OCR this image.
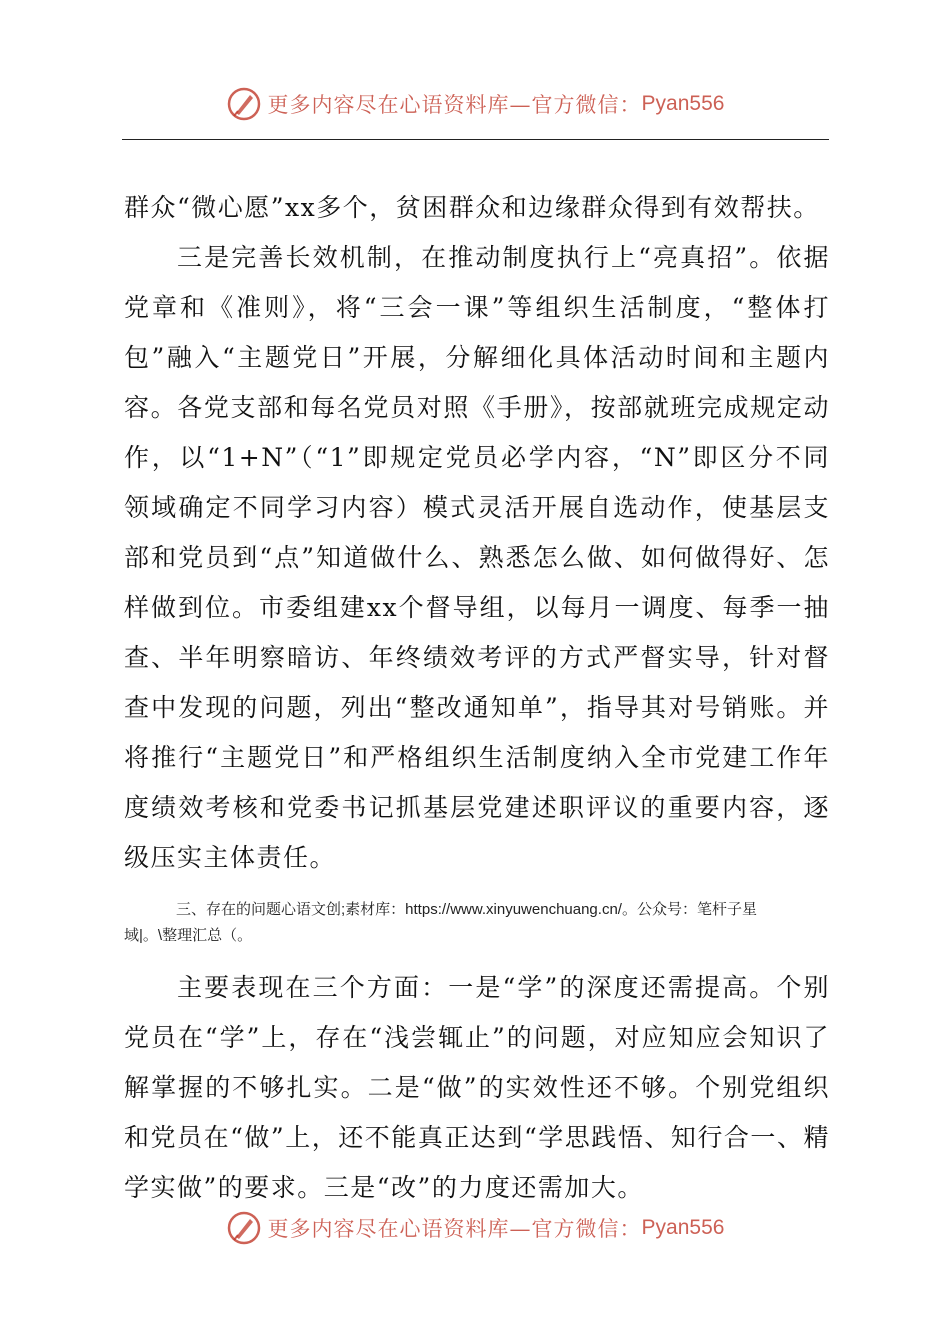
更多内容尽在心语资料库—官方微信： Pyan556

群众“微心愿”xx多个，贫困群众和边缘群众得到有效帮扶。

三是完善长效机制，在推动制度执行上“亮真招”。依据党章和《准则》，将“三会一课”等组织生活制度，“整体打包”融入“主题党日”开展，分解细化具体活动时间和主题内容。各党支部和每名党员对照《手册》，按部就班完成规定动作，以“1+N”（“1”即规定党员必学内容，“N”即区分不同领域确定不同学习内容）模式灵活开展自选动作，使基层支部和党员到“点”知道做什么、熟悉怎么做、如何做得好、怎样做到位。市委组建xx个督导组，以每月一调度、每季一抽查、半年明察暗访、年终绩效考评的方式严督实导，针对督查中发现的问题，列出“整改通知单”，指导其对号销账。并将推行“主题党日”和严格组织生活制度纳入全市党建工作年度绩效考核和党委书记抓基层党建述职评议的重要内容，逐级压实主体责任。

三、存在的问题心语文创;素材库：https://www.xinyuwenchuang.cn/。公众号：笔杆子星
域|。\整理汇总（。

主要表现在三个方面：一是“学”的深度还需提高。个别党员在“学”上，存在“浅尝辄止”的问题，对应知应会知识了解掌握的不够扎实。二是“做”的实效性还不够。个别党组织和党员在“做”上，还不能真正达到“学思践悟、知行合一、精学实做”的要求。三是“改”的力度还需加大。

更多内容尽在心语资料库—官方微信： Pyan556
